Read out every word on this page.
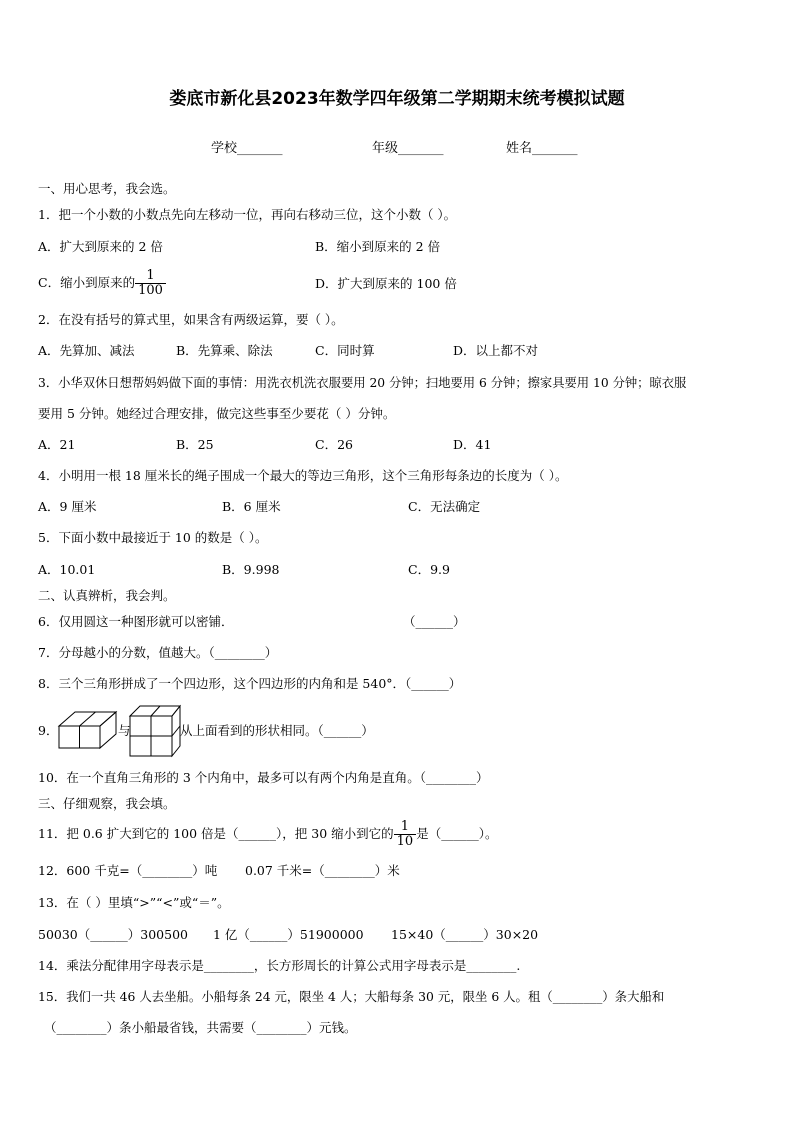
娄底市新化县2023年数学四年级第二学期期末统考模拟试题
学校_______	年级_______	姓名_______
一、用心思考，我会选。
1．把一个小数的小数点先向左移动一位，再向右移动三位，这个小数（ ）。
A．扩大到原来的 2 倍	B．缩小到原来的 2 倍
C．缩小到原来的 $\frac{1}{100}$	D．扩大到原来的 100 倍
2．在没有括号的算式里，如果含有两级运算，要（ ）。
A．先算加、减法	B．先算乘、除法	C．同时算	D．以上都不对
3．小华双休日想帮妈妈做下面的事情：用洗衣机洗衣服要用 20 分钟；扫地要用 6 分钟；擦家具要用 10 分钟；晾衣服
要用 5 分钟。她经过合理安排，做完这些事至少要花（ ）分钟。
A．21	B．25	C．26	D．41
4．小明用一根 18 厘米长的绳子围成一个最大的等边三角形，这个三角形每条边的长度为（ ）。
A．9 厘米	B．6 厘米	C．无法确定
5．下面小数中最接近于 10 的数是（ ）。
A．10.01	B．9.998	C．9.9
二、认真辨析，我会判。
6．仅用圆这一种图形就可以密铺．	（______）
7．分母越小的分数，值越大。（________）
8．三个三角形拼成了一个四边形，这个四边形的内角和是 540°．（______）
9．	与	从上面看到的形状相同。（______）
10．在一个直角三角形的 3 个内角中，最多可以有两个内角是直角。（________）
三、仔细观察，我会填。
11．把 0.6 扩大到它的 100 倍是（______），把 30 缩小到它的 $\frac{1}{10}$ 是（______）。
12．600 千克=（________）吨 0.07 千米=（________）米
13．在（ ）里填“>”“<”或“＝”。
50030（______）300500 1 亿（______）51900000 15×40（______）30×20
14．乘法分配律用字母表示是________，长方形周长的计算公式用字母表示是________.
15．我们一共 46 人去坐船。小船每条 24 元，限坐 4 人；大船每条 30 元，限坐 6 人。租（________）条大船和
（________）条小船最省钱，共需要（________）元钱。
